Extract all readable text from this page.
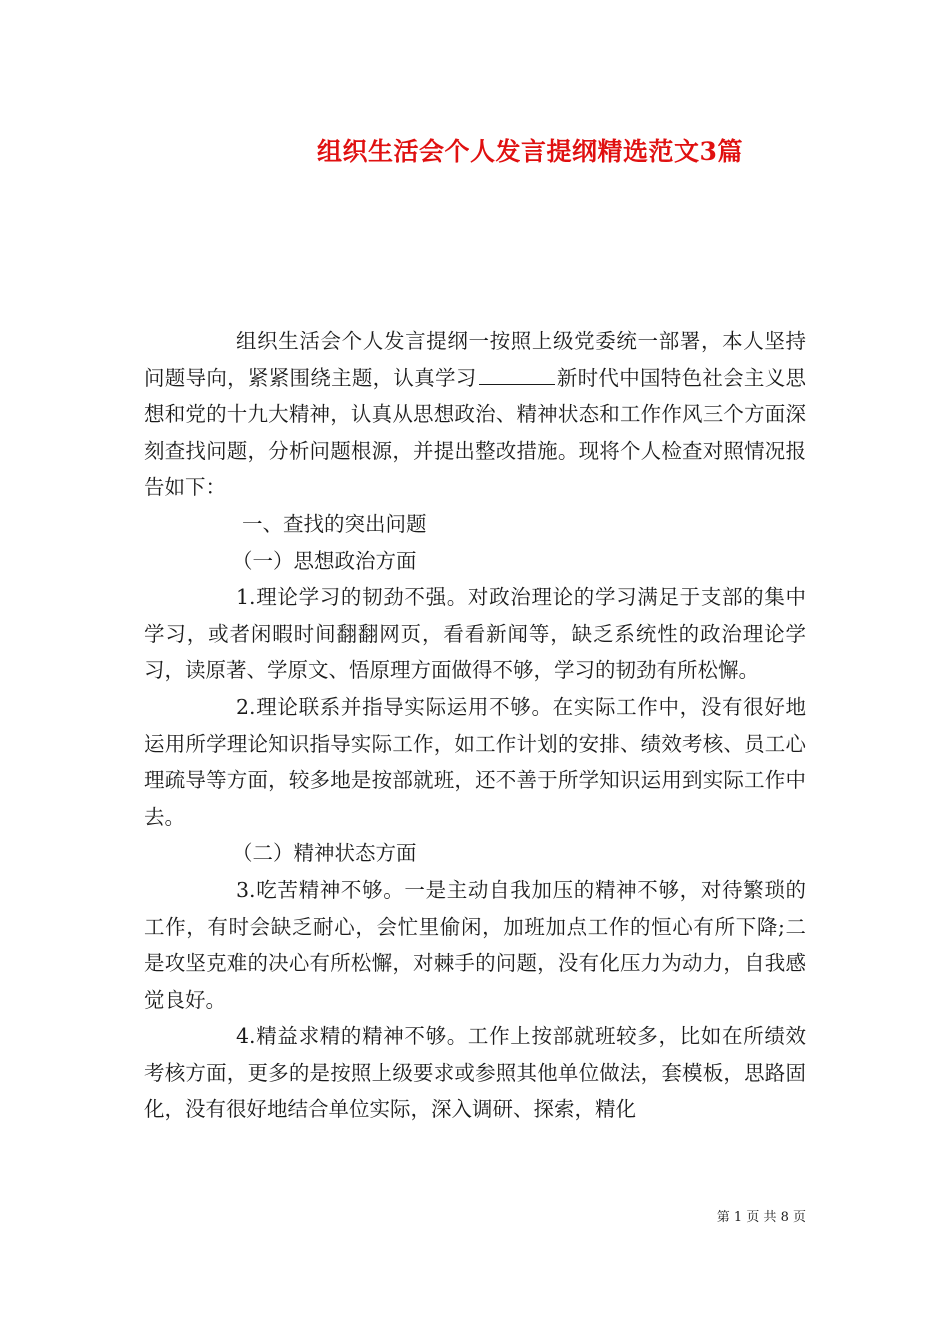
组织生活会个人发言提纲精选范文3篇

组织生活会个人发言提纲一按照上级党委统一部署，本人坚持问题导向，紧紧围绕主题，认真学习	新时代中国特色社会主义思想和党的十九大精神，认真从思想政治、精神状态和工作作风三个方面深刻查找问题，分析问题根源，并提出整改措施。现将个人检查对照情况报告如下：

一、查找的突出问题

（一）思想政治方面

1.理论学习的韧劲不强。对政治理论的学习满足于支部的集中学习，或者闲暇时间翻翻网页，看看新闻等，缺乏系统性的政治理论学习，读原著、学原文、悟原理方面做得不够，学习的韧劲有所松懈。

2.理论联系并指导实际运用不够。在实际工作中，没有很好地运用所学理论知识指导实际工作，如工作计划的安排、绩效考核、员工心理疏导等方面，较多地是按部就班，还不善于所学知识运用到实际工作中去。

（二）精神状态方面

3.吃苦精神不够。一是主动自我加压的精神不够，对待繁琐的工作，有时会缺乏耐心，会忙里偷闲，加班加点工作的恒心有所下降;二是攻坚克难的决心有所松懈，对棘手的问题，没有化压力为动力，自我感觉良好。

4.精益求精的精神不够。工作上按部就班较多，比如在所绩效考核方面，更多的是按照上级要求或参照其他单位做法，套模板，思路固化，没有很好地结合单位实际，深入调研、探索，精化

第 1 页 共 8 页
